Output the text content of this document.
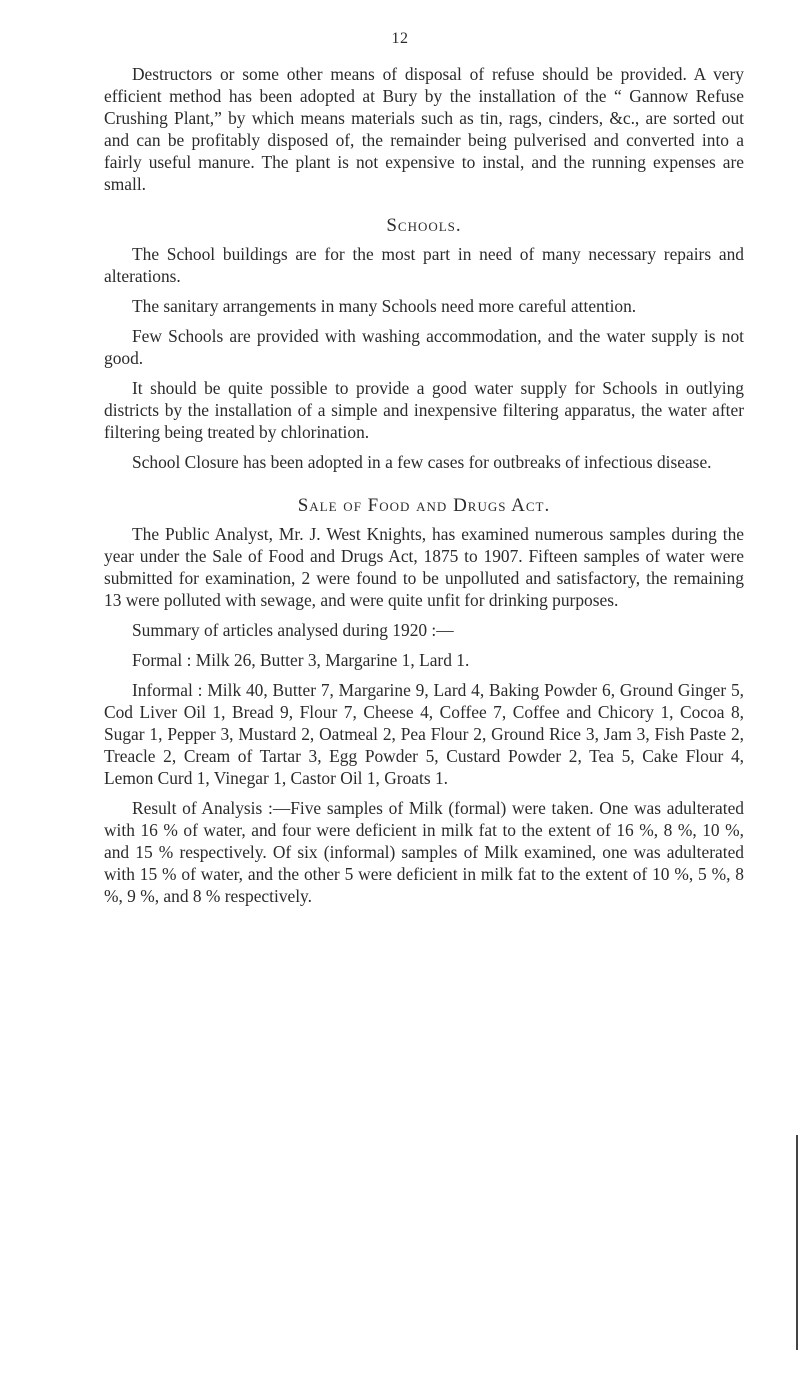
12

Destructors or some other means of disposal of refuse should be provided. A very efficient method has been adopted at Bury by the installation of the “ Gannow Refuse Crushing Plant,” by which means materials such as tin, rags, cinders, &c., are sorted out and can be profitably disposed of, the remainder being pulverised and converted into a fairly useful manure. The plant is not expensive to instal, and the running expenses are small.

Schools.

The School buildings are for the most part in need of many necessary repairs and alterations.

The sanitary arrangements in many Schools need more careful attention.

Few Schools are provided with washing accommodation, and the water supply is not good.

It should be quite possible to provide a good water supply for Schools in outlying districts by the installation of a simple and inexpensive filtering apparatus, the water after filtering being treated by chlorination.

School Closure has been adopted in a few cases for outbreaks of infectious disease.

Sale of Food and Drugs Act.

The Public Analyst, Mr. J. West Knights, has examined numerous samples during the year under the Sale of Food and Drugs Act, 1875 to 1907. Fifteen samples of water were submitted for examination, 2 were found to be unpolluted and satisfactory, the remaining 13 were polluted with sewage, and were quite unfit for drinking purposes.

Summary of articles analysed during 1920 :—

Formal : Milk 26, Butter 3, Margarine 1, Lard 1.

Informal : Milk 40, Butter 7, Margarine 9, Lard 4, Baking Powder 6, Ground Ginger 5, Cod Liver Oil 1, Bread 9, Flour 7, Cheese 4, Coffee 7, Coffee and Chicory 1, Cocoa 8, Sugar 1, Pepper 3, Mustard 2, Oatmeal 2, Pea Flour 2, Ground Rice 3, Jam 3, Fish Paste 2, Treacle 2, Cream of Tartar 3, Egg Powder 5, Custard Powder 2, Tea 5, Cake Flour 4, Lemon Curd 1, Vinegar 1, Castor Oil 1, Groats 1.

Result of Analysis :—Five samples of Milk (formal) were taken. One was adulterated with 16 % of water, and four were deficient in milk fat to the extent of 16 %, 8 %, 10 %, and 15 % respectively. Of six (informal) samples of Milk examined, one was adulterated with 15 % of water, and the other 5 were deficient in milk fat to the extent of 10 %, 5 %, 8 %, 9 %, and 8 % respectively.
